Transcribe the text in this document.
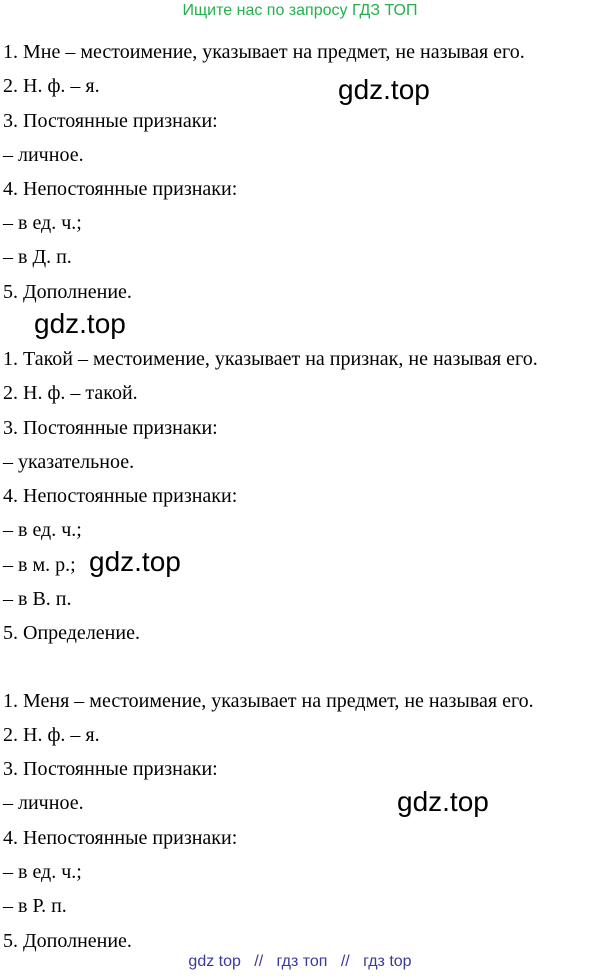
Ищите нас по запросу ГДЗ ТОП
1. Мне – местоимение, указывает на предмет, не называя его.
2. Н. ф. – я.
3. Постоянные признаки:
– личное.
4. Непостоянные признаки:
– в ед. ч.;
– в Д. п.
5. Дополнение.
1. Такой – местоимение, указывает на признак, не называя его.
2. Н. ф. – такой.
3. Постоянные признаки:
– указательное.
4. Непостоянные признаки:
– в ед. ч.;
– в м. р.;
– в В. п.
5. Определение.
1. Меня – местоимение, указывает на предмет, не называя его.
2. Н. ф. – я.
3. Постоянные признаки:
– личное.
4. Непостоянные признаки:
– в ед. ч.;
– в Р. п.
5. Дополнение.
gdz.top
gdz.top
gdz.top
gdz.top
gdz top // гдз топ // гдз top
